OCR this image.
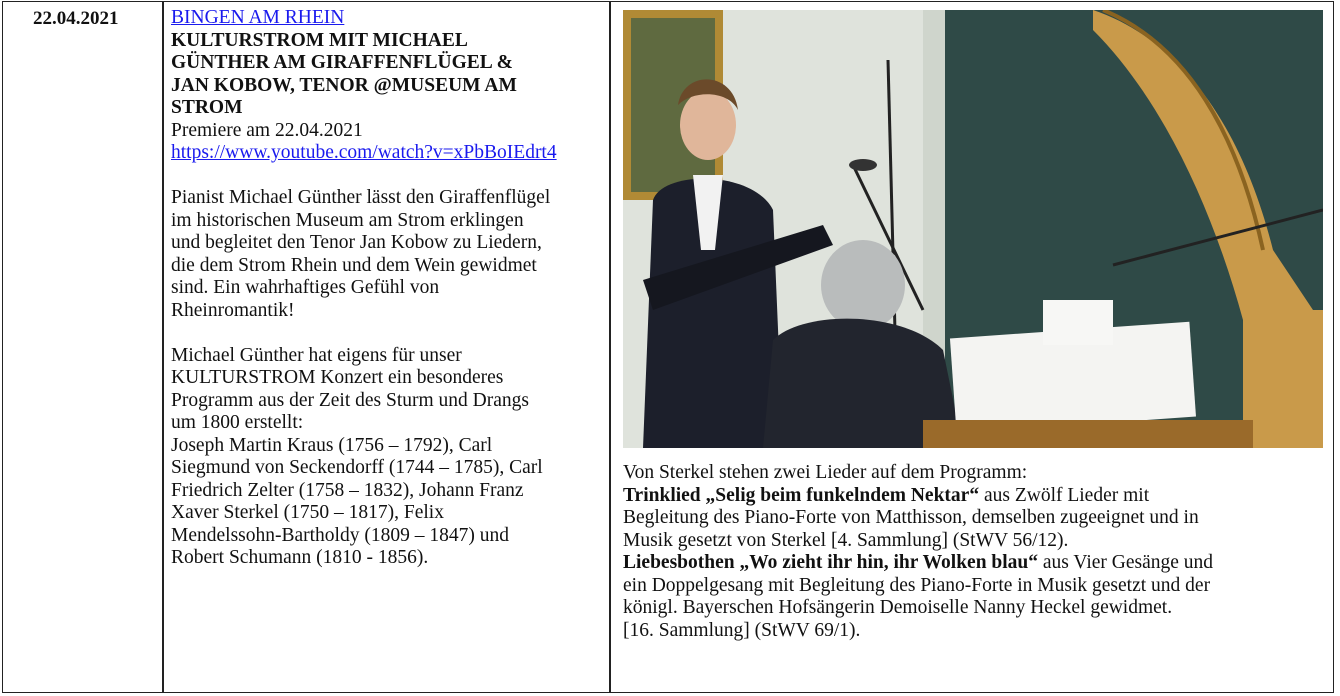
22.04.2021	BINGEN AM RHEIN

KULTURSTROM MIT MICHAEL

GÜNTHER AM GIRAFFENFLÜGEL &

JAN KOBOW, TENOR @MUSEUM AM

STROM

Premiere am 22.04.2021

https://www.youtube.com/watch?v=xPbBoIEdrt4

Pianist Michael Günther lässt den Giraffenflügel

im historischen Museum am Strom erklingen

und begleitet den Tenor Jan Kobow zu Liedern,

die dem Strom Rhein und dem Wein gewidmet

sind. Ein wahrhaftiges Gefühl von

Rheinromantik!

Michael Günther hat eigens für unser

KULTURSTROM Konzert ein besonderes

Programm aus der Zeit des Sturm und Drangs

um 1800 erstellt:

Joseph Martin Kraus (1756 – 1792), Carl

Siegmund von Seckendorff (1744 – 1785), Carl

Friedrich Zelter (1758 – 1832), Johann Franz

Xaver Sterkel (1750 – 1817), Felix

Mendelssohn-Bartholdy (1809 – 1847) und

Robert Schumann (1810 - 1856).

Von Sterkel stehen zwei Lieder auf dem Programm:

Trinklied „Selig beim funkelndem Nektar“ aus Zwölf Lieder mit

Begleitung des Piano-Forte von Matthisson, demselben zugeeignet und in

Musik gesetzt von Sterkel [4. Sammlung] (StWV 56/12).

Liebesbothen „Wo zieht ihr hin, ihr Wolken blau“ aus Vier Gesänge und

ein Doppelgesang mit Begleitung des Piano-Forte in Musik gesetzt und der

königl. Bayerschen Hofsängerin Demoiselle Nanny Heckel gewidmet.

[16. Sammlung] (StWV 69/1).
